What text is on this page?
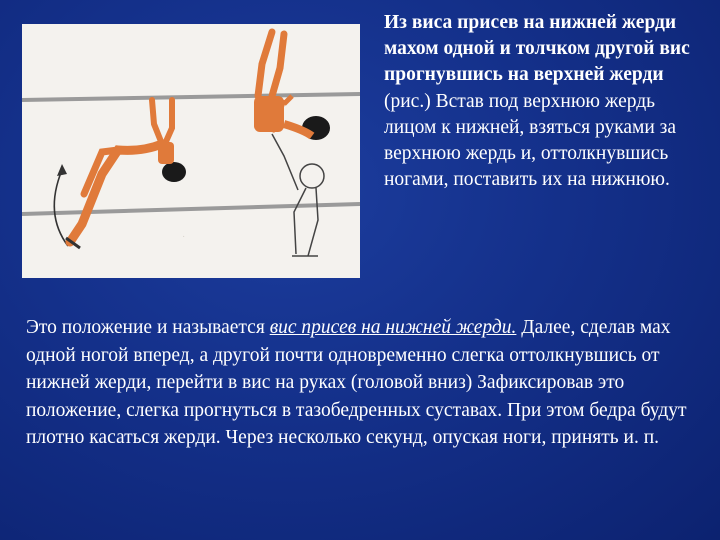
·

Из виса присев на нижней жерди махом одной и толчком другой вис прогнувшись на верхней жерди (рис.) Встав под верхнюю жердь лицом к нижней, взяться руками за верхнюю жердь и, оттолкнувшись ногами, поставить их на нижнюю.

Это положение и называется вис присев на нижней жерди. Далее, сделав мах одной ногой вперед, а другой почти одновременно слегка оттолкнувшись от нижней жерди, перейти в вис на руках (головой вниз) Зафиксировав это положение, слегка прогнуться в тазобедренных суставах. При этом бедра будут плотно касаться жерди. Через несколько секунд, опуская ноги, принять и. п.
